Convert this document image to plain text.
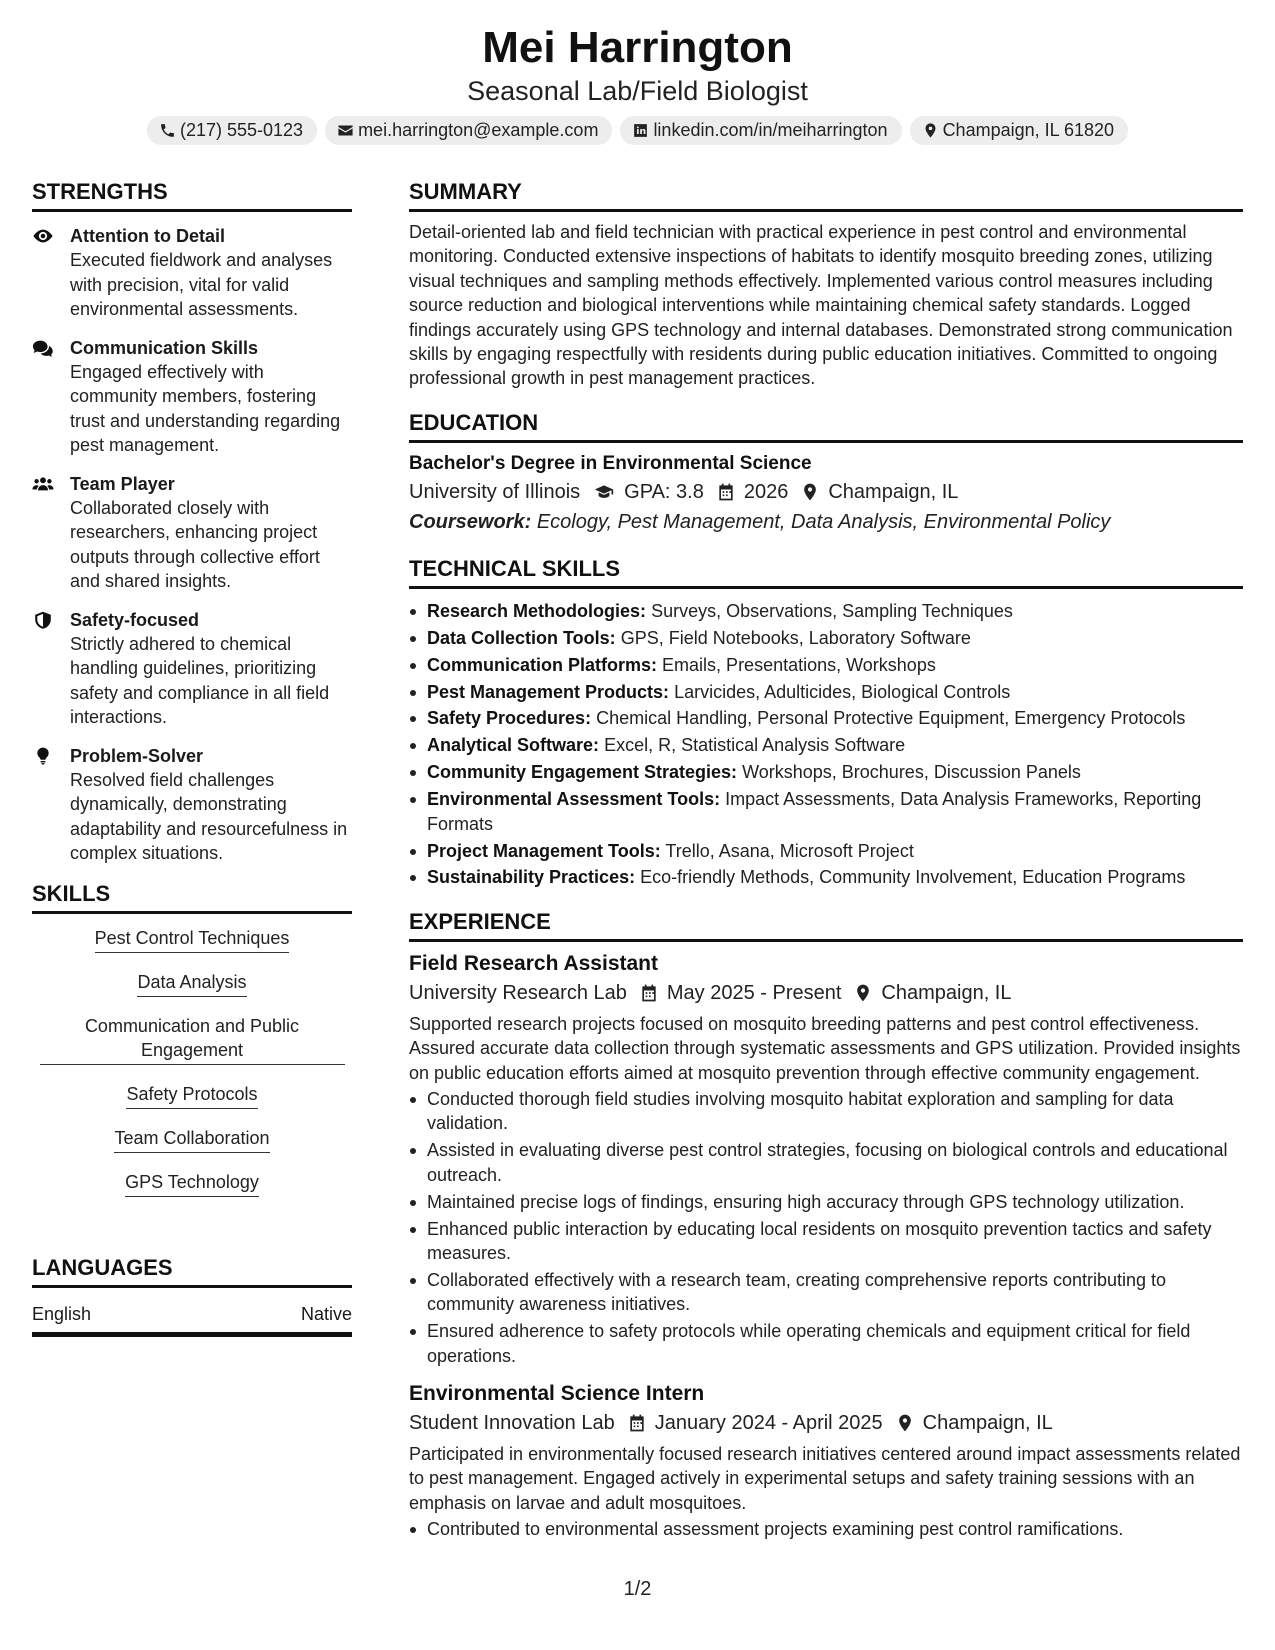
Mei Harrington
Seasonal Lab/Field Biologist
(217) 555-0123	mei.harrington@example.com	linkedin.com/in/meiharrington	Champaign, IL 61820
STRENGTHS
Attention to Detail
Executed fieldwork and analyses with precision, vital for valid environmental assessments.
Communication Skills
Engaged effectively with community members, fostering trust and understanding regarding pest management.
Team Player
Collaborated closely with researchers, enhancing project outputs through collective effort and shared insights.
Safety-focused
Strictly adhered to chemical handling guidelines, prioritizing safety and compliance in all field interactions.
Problem-Solver
Resolved field challenges dynamically, demonstrating adaptability and resourcefulness in complex situations.
SKILLS
Pest Control Techniques
Data Analysis
Communication and Public Engagement
Safety Protocols
Team Collaboration
GPS Technology
LANGUAGES
English	Native
SUMMARY
Detail-oriented lab and field technician with practical experience in pest control and environmental monitoring. Conducted extensive inspections of habitats to identify mosquito breeding zones, utilizing visual techniques and sampling methods effectively. Implemented various control measures including source reduction and biological interventions while maintaining chemical safety standards. Logged findings accurately using GPS technology and internal databases. Demonstrated strong communication skills by engaging respectfully with residents during public education initiatives. Committed to ongoing professional growth in pest management practices.
EDUCATION
Bachelor's Degree in Environmental Science
University of Illinois GPA: 3.8 2026 Champaign, IL
Coursework: Ecology, Pest Management, Data Analysis, Environmental Policy
TECHNICAL SKILLS
Research Methodologies: Surveys, Observations, Sampling Techniques
Data Collection Tools: GPS, Field Notebooks, Laboratory Software
Communication Platforms: Emails, Presentations, Workshops
Pest Management Products: Larvicides, Adulticides, Biological Controls
Safety Procedures: Chemical Handling, Personal Protective Equipment, Emergency Protocols
Analytical Software: Excel, R, Statistical Analysis Software
Community Engagement Strategies: Workshops, Brochures, Discussion Panels
Environmental Assessment Tools: Impact Assessments, Data Analysis Frameworks, Reporting Formats
Project Management Tools: Trello, Asana, Microsoft Project
Sustainability Practices: Eco-friendly Methods, Community Involvement, Education Programs
EXPERIENCE
Field Research Assistant
University Research Lab May 2025 - Present Champaign, IL
Supported research projects focused on mosquito breeding patterns and pest control effectiveness. Assured accurate data collection through systematic assessments and GPS utilization. Provided insights on public education efforts aimed at mosquito prevention through effective community engagement.
Conducted thorough field studies involving mosquito habitat exploration and sampling for data validation.
Assisted in evaluating diverse pest control strategies, focusing on biological controls and educational outreach.
Maintained precise logs of findings, ensuring high accuracy through GPS technology utilization.
Enhanced public interaction by educating local residents on mosquito prevention tactics and safety measures.
Collaborated effectively with a research team, creating comprehensive reports contributing to community awareness initiatives.
Ensured adherence to safety protocols while operating chemicals and equipment critical for field operations.
Environmental Science Intern
Student Innovation Lab January 2024 - April 2025 Champaign, IL
Participated in environmentally focused research initiatives centered around impact assessments related to pest management. Engaged actively in experimental setups and safety training sessions with an emphasis on larvae and adult mosquitoes.
Contributed to environmental assessment projects examining pest control ramifications.
1/2
